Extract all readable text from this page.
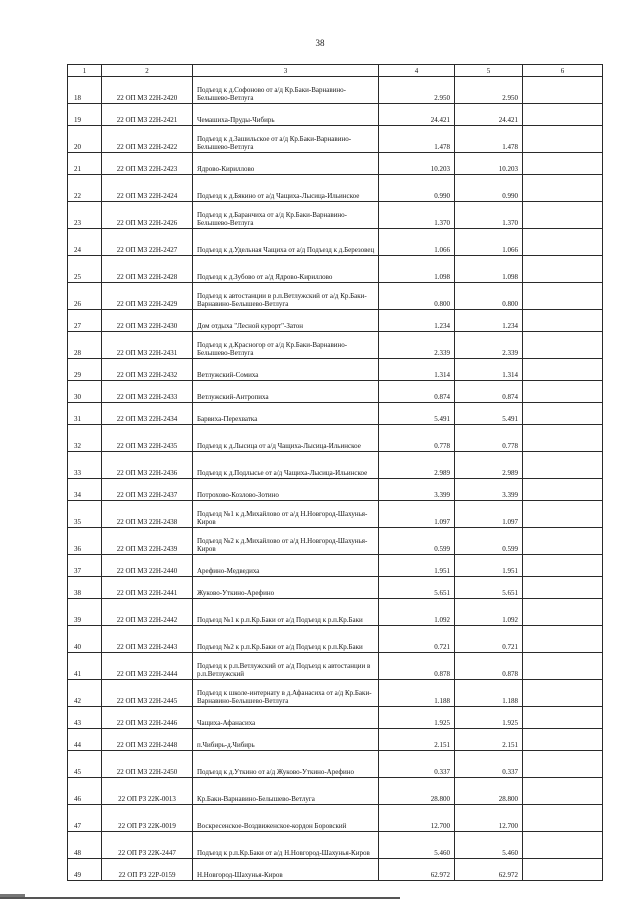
38
1	2	3	4	5	6
18	22 ОП МЗ 22Н-2420	Подъезд к д.Софоново от а/д Кр.Баки-Варнавино-Белышево-Ветлуга	2.950	2.950	
19	22 ОП МЗ 22Н-2421	Чемашиха-Пруды-Чибирь	24.421	24.421	
20	22 ОП МЗ 22Н-2422	Подъезд к д.Зашильское от а/д Кр.Баки-Варнавино-Белышево-Ветлуга	1.478	1.478	
21	22 ОП МЗ 22Н-2423	Ядрово-Кириллово	10.203	10.203	
22	22 ОП МЗ 22Н-2424	Подъезд к д.Бякино от а/д Чащиха-Лысица-Ильинское	0.990	0.990	
23	22 ОП МЗ 22Н-2426	Подъезд к д.Баранчиха от а/д Кр.Баки-Варнавино-Белышево-Ветлуга	1.370	1.370	
24	22 ОП МЗ 22Н-2427	Подъезд к д.Удельная Чащиха от а/д Подъезд к д.Березовец	1.066	1.066	
25	22 ОП МЗ 22Н-2428	Подъезд к д.Зубово от а/д Ядрово-Кириллово	1.098	1.098	
26	22 ОП МЗ 22Н-2429	Подъезд к автостанции в р.п.Ветлужский от а/д Кр.Баки-Варнавино-Белышево-Ветлуга	0.800	0.800	
27	22 ОП МЗ 22Н-2430	Дом отдыха "Лесной курорт"-Затон	1.234	1.234	
28	22 ОП МЗ 22Н-2431	Подъезд к д.Красногор от а/д Кр.Баки-Варнавино-Белышево-Ветлуга	2.339	2.339	
29	22 ОП МЗ 22Н-2432	Ветлужский-Сомиха	1.314	1.314	
30	22 ОП МЗ 22Н-2433	Ветлужский-Антропиха	0.874	0.874	
31	22 ОП МЗ 22Н-2434	Барвиха-Перехватка	5.491	5.491	
32	22 ОП МЗ 22Н-2435	Подъезд к д.Лысица от а/д Чащиха-Лысица-Ильинское	0.778	0.778	
33	22 ОП МЗ 22Н-2436	Подъезд к д.Подлысье от а/д Чащиха-Лысица-Ильинское	2.989	2.989	
34	22 ОП МЗ 22Н-2437	Потрохово-Козлово-Зотино	3.399	3.399	
35	22 ОП МЗ 22Н-2438	Подъезд №1 к д.Михайлово от а/д Н.Новгород-Шахунья-Киров	1.097	1.097	
36	22 ОП МЗ 22Н-2439	Подъезд №2 к д.Михайлово от а/д Н.Новгород-Шахунья-Киров	0.599	0.599	
37	22 ОП МЗ 22Н-2440	Арефино-Медведиха	1.951	1.951	
38	22 ОП МЗ 22Н-2441	Жуково-Уткино-Арефино	5.651	5.651	
39	22 ОП МЗ 22Н-2442	Подъезд №1 к р.п.Кр.Баки от а/д Подъезд к р.п.Кр.Баки	1.092	1.092	
40	22 ОП МЗ 22Н-2443	Подъезд №2 к р.п.Кр.Баки от а/д Подъезд к р.п.Кр.Баки	0.721	0.721	
41	22 ОП МЗ 22Н-2444	Подъезд к р.п.Ветлужский от а/д Подъезд к автостанции в р.п.Ветлужский	0.878	0.878	
42	22 ОП МЗ 22Н-2445	Подъезд к школе-интернату в д.Афанасиха от а/д Кр.Баки-Варнавино-Белышево-Ветлуга	1.188	1.188	
43	22 ОП МЗ 22Н-2446	Чащиха-Афанасиха	1.925	1.925	
44	22 ОП МЗ 22Н-2448	п.Чибирь-д.Чибирь	2.151	2.151	
45	22 ОП МЗ 22Н-2450	Подъезд к д.Уткино от а/д Жуково-Уткино-Арефино	0.337	0.337	
46	22 ОП РЗ 22К-0013	Кр.Баки-Варнавино-Белышево-Ветлуга	28.800	28.800	
47	22 ОП РЗ 22К-0019	Воскресенское-Воздвиженское-кордон Боровский	12.700	12.700	
48	22 ОП РЗ 22К-2447	Подъезд к р.п.Кр.Баки от а/д Н.Новгород-Шахунья-Киров	5.460	5.460	
49	22 ОП РЗ 22Р-0159	Н.Новгород-Шахунья-Киров	62.972	62.972	
